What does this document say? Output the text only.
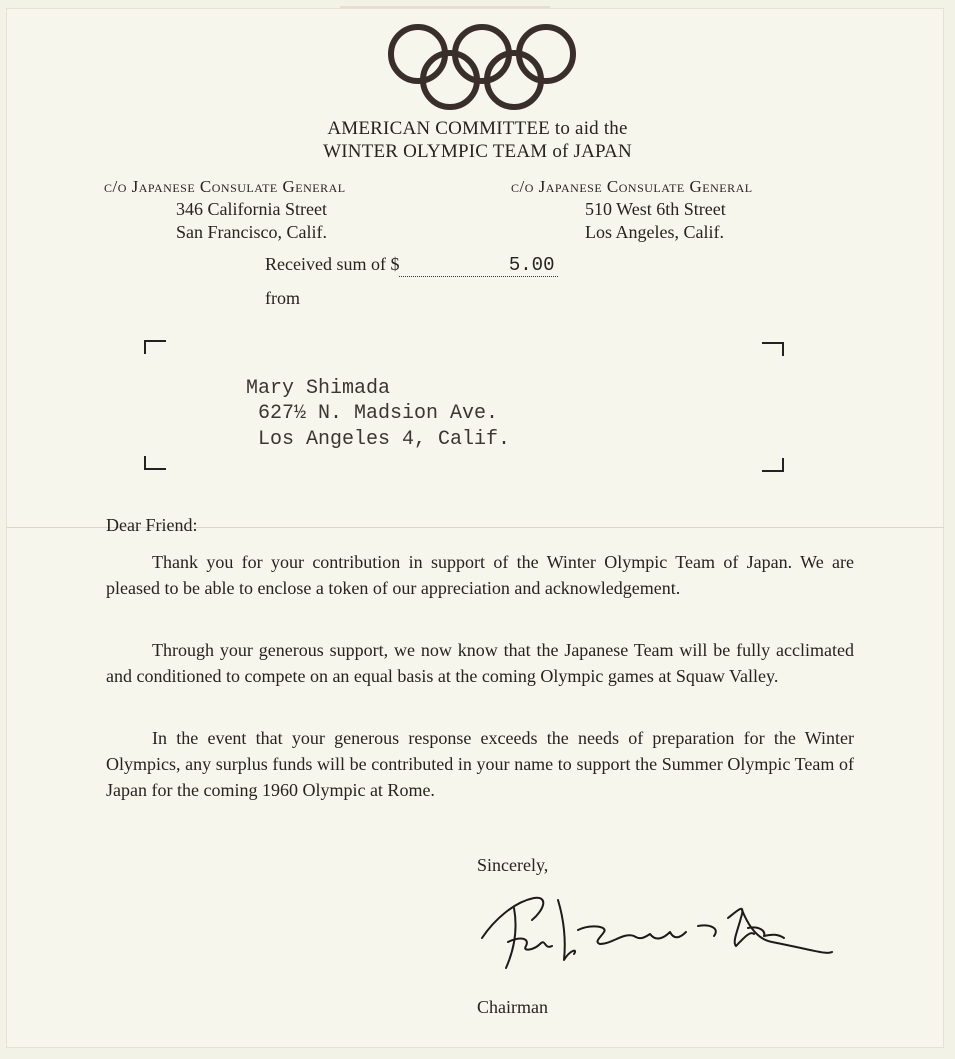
AMERICAN COMMITTEE to aid the
WINTER OLYMPIC TEAM of JAPAN
c/o Japanese Consulate General
346 California Street
San Francisco, Calif.
c/o Japanese Consulate General
510 West 6th Street
Los Angeles, Calif.
Received sum of $	5.00
from
Mary Shimada
627½ N. Madsion Ave.
Los Angeles 4, Calif.
Dear Friend:

Thank you for your contribution in support of the Winter Olympic Team of Japan. We are pleased to be able to enclose a token of our appreciation and acknowledgement.

Through your generous support, we now know that the Japanese Team will be fully acclimated and conditioned to compete on an equal basis at the coming Olympic games at Squaw Valley.

In the event that your generous response exceeds the needs of preparation for the Winter Olympics, any surplus funds will be contributed in your name to support the Summer Olympic Team of Japan for the coming 1960 Olympic at Rome.

Sincerely,
Chairman
